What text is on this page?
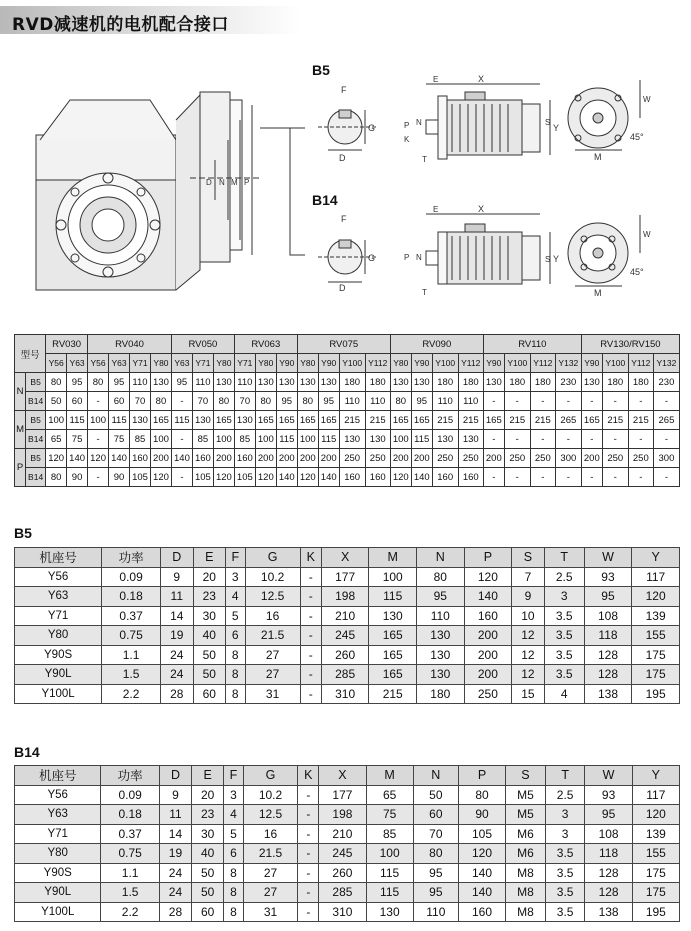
RVD减速机的电机配合接口
D N M P
G
D
F
G
D
F
X
E
Y
N
P
K
T	M
S
W
45°
X
E
Y
P N
T	M
S
W
45°
B5
B14
型号		RV030		RV040				RV050			RV063			RV075				RV090				RV110				RV130/RV150			
		Y56	Y63	Y56	Y63	Y71	Y80	Y63	Y71	Y80	Y71	Y80	Y90	Y80	Y90	Y100	Y112	Y80	Y90	Y100	Y112	Y90	Y100	Y112	Y132	Y90	Y100	Y112	Y132
N	B5	80	95	80	95	110	130	95	110	130	110	130	130	130	130	180	180	130	130	180	180	130	180	180	230	130	180	180	230
	B14	50	60	-	60	70	80	-	70	80	70	80	95	80	95	110	110	80	95	110	110	-	-	-	-	-	-	-	-
M	B5	100	115	100	115	130	165	115	130	165	130	165	165	165	165	215	215	165	165	215	215	165	215	215	265	165	215	215	265
	B14	65	75	-	75	85	100	-	85	100	85	100	115	100	115	130	130	100	115	130	130	-	-	-	-	-	-	-	-
P	B5	120	140	120	140	160	200	140	160	200	160	200	200	200	200	250	250	200	200	250	250	200	250	250	300	200	250	250	300
	B14	80	90	-	90	105	120	-	105	120	105	120	140	120	140	160	160	120	140	160	160	-	-	-	-	-	-	-	-
B5
机座号	功率	D	E	F	G	K	X	M	N	P	S	T	W	Y
Y56	0.09	9	20	3	10.2	-	177	100	80	120	7	2.5	93	117
Y63	0.18	11	23	4	12.5	-	198	115	95	140	9	3	95	120
Y71	0.37	14	30	5	16	-	210	130	110	160	10	3.5	108	139
Y80	0.75	19	40	6	21.5	-	245	165	130	200	12	3.5	118	155
Y90S	1.1	24	50	8	27	-	260	165	130	200	12	3.5	128	175
Y90L	1.5	24	50	8	27	-	285	165	130	200	12	3.5	128	175
Y100L	2.2	28	60	8	31	-	310	215	180	250	15	4	138	195
B14
机座号	功率	D	E	F	G	K	X	M	N	P	S	T	W	Y
Y56	0.09	9	20	3	10.2	-	177	65	50	80	M5	2.5	93	117
Y63	0.18	11	23	4	12.5	-	198	75	60	90	M5	3	95	120
Y71	0.37	14	30	5	16	-	210	85	70	105	M6	3	108	139
Y80	0.75	19	40	6	21.5	-	245	100	80	120	M6	3.5	118	155
Y90S	1.1	24	50	8	27	-	260	115	95	140	M8	3.5	128	175
Y90L	1.5	24	50	8	27	-	285	115	95	140	M8	3.5	128	175
Y100L	2.2	28	60	8	31	-	310	130	110	160	M8	3.5	138	195
